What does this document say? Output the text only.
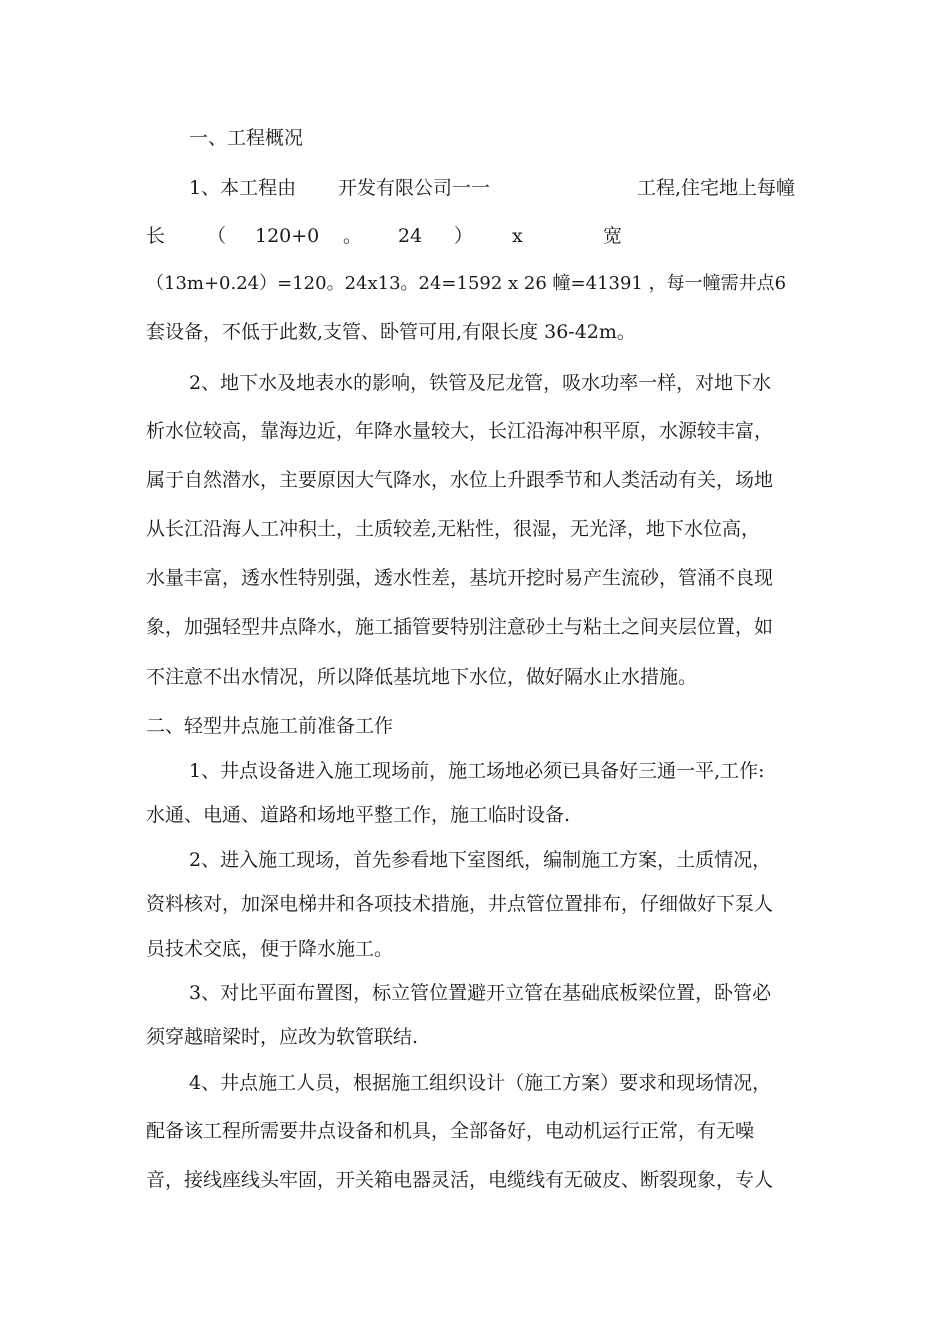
一、工程概况
1、本工程由 开发有限公司一一	工程,住宅地上每幢
长 （ 120+0 。 24 ） x	宽
（13m+0.24）=120。24x13。24=1592 x 26 幢=41391 ，每一幢需井点6
套设备，不低于此数,支管、卧管可用,有限长度 36-42m。
2、地下水及地表水的影响，铁管及尼龙管，吸水功率一样，对地下水
析水位较高，靠海边近，年降水量较大，长江沿海冲积平原，水源较丰富，
属于自然潜水，主要原因大气降水，水位上升跟季节和人类活动有关，场地
从长江沿海人工冲积土，土质较差,无粘性，很湿，无光泽，地下水位高，
水量丰富，透水性特别强，透水性差，基坑开挖时易产生流砂，管涌不良现
象，加强轻型井点降水，施工插管要特别注意砂土与粘土之间夹层位置，如
不注意不出水情况，所以降低基坑地下水位，做好隔水止水措施。
二、轻型井点施工前准备工作
1、井点设备进入施工现场前，施工场地必须已具备好三通一平,工作:
水通、电通、道路和场地平整工作，施工临时设备.
2、进入施工现场，首先参看地下室图纸，编制施工方案，土质情况，
资料核对，加深电梯井和各项技术措施，井点管位置排布，仔细做好下泵人
员技术交底，便于降水施工。
3、对比平面布置图，标立管位置避开立管在基础底板梁位置，卧管必
须穿越暗梁时，应改为软管联结.
4、井点施工人员，根据施工组织设计（施工方案）要求和现场情况，
配备该工程所需要井点设备和机具，全部备好，电动机运行正常，有无噪
音，接线座线头牢固，开关箱电器灵活，电缆线有无破皮、断裂现象，专人
